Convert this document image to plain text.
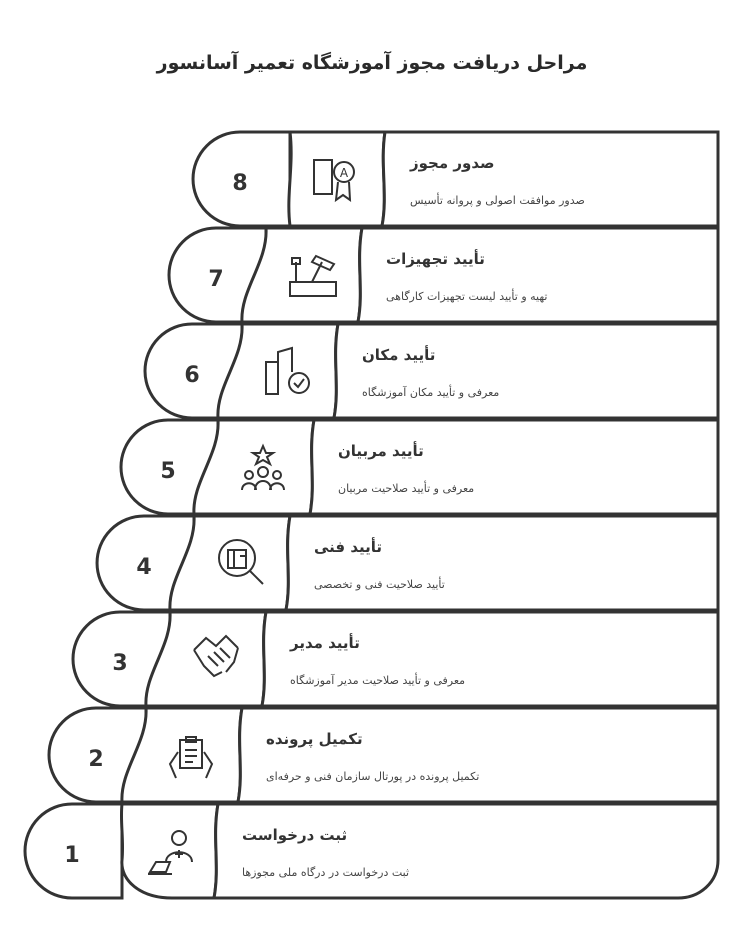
مراحل دریافت مجوز آموزشگاه تعمیر آسانسور
8	A
7
6
5
4
3
2
1
صدور مجوز
صدور موافقت اصولی و پروانه تأسیس
تأیید تجهیزات
تهیه و تأیید لیست تجهیزات کارگاهی
تأیید مکان
معرفی و تأیید مکان آموزشگاه
تأیید مربیان
معرفی و تأیید صلاحیت مربیان
تأیید فنی
تأیید صلاحیت فنی و تخصصی
تأیید مدیر
معرفی و تأیید صلاحیت مدیر آموزشگاه
تکمیل پرونده
تکمیل پرونده در پورتال سازمان فنی و حرفه‌ای
ثبت درخواست
ثبت درخواست در درگاه ملی مجوزها
